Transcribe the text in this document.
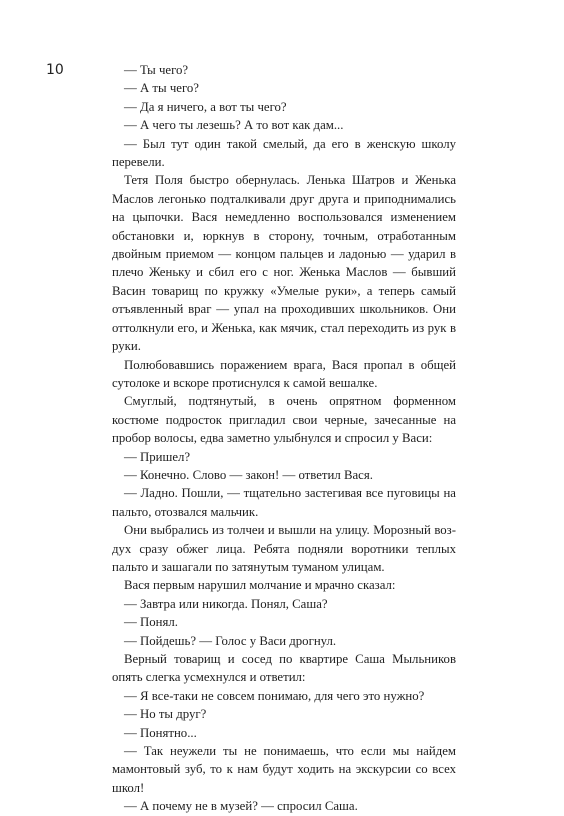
10	— Ты чего?

— А ты чего?

— Да я ничего, а вот ты чего?

— А чего ты лезешь? А то вот как дам...

— Был тут один такой смелый, да его в женскую школу перевели.

Тетя Поля быстро обернулась. Ленька Шатров и Женька Маслов легонько подталкивали друг друга и приподнимались на цыпочки. Вася немедленно воспользовался изменением обстановки и, юркнув в сторону, точным, отработанным двойным приемом — концом пальцев и ладонью — ударил в плечо Женьку и сбил его с ног. Женька Маслов — бывший Васин товарищ по кружку «Умелые руки», а теперь самый отъявленный враг — упал на проходивших школьников. Они оттолкнули его, и Женька, как мячик, стал переходить из рук в руки.

Полюбовавшись поражением врага, Вася пропал в общей сутолоке и вскоре протиснулся к самой вешалке.

Смуглый, подтянутый, в очень опрятном форменном костюме подросток пригладил свои черные, зачесанные на пробор волосы, едва заметно улыбнулся и спросил у Васи:

— Пришел?

— Конечно. Слово — закон! — ответил Вася.

— Ладно. Пошли, — тщательно застегивая все пуговицы на пальто, отозвался мальчик.

Они выбрались из толчеи и вышли на улицу. Морозный воздух сразу обжег лица. Ребята подняли воротники теплых пальто и зашагали по затянутым туманом улицам.

Вася первым нарушил молчание и мрачно сказал:

— Завтра или никогда. Понял, Саша?

— Понял.

— Пойдешь? — Голос у Васи дрогнул.

Верный товарищ и сосед по квартире Саша Мыльников опять слегка усмехнулся и ответил:

— Я все-таки не совсем понимаю, для чего это нужно?

— Но ты друг?

— Понятно...

— Так неужели ты не понимаешь, что если мы найдем мамонтовый зуб, то к нам будут ходить на экскурсии со всех школ!

— А почему не в музей? — спросил Саша.
